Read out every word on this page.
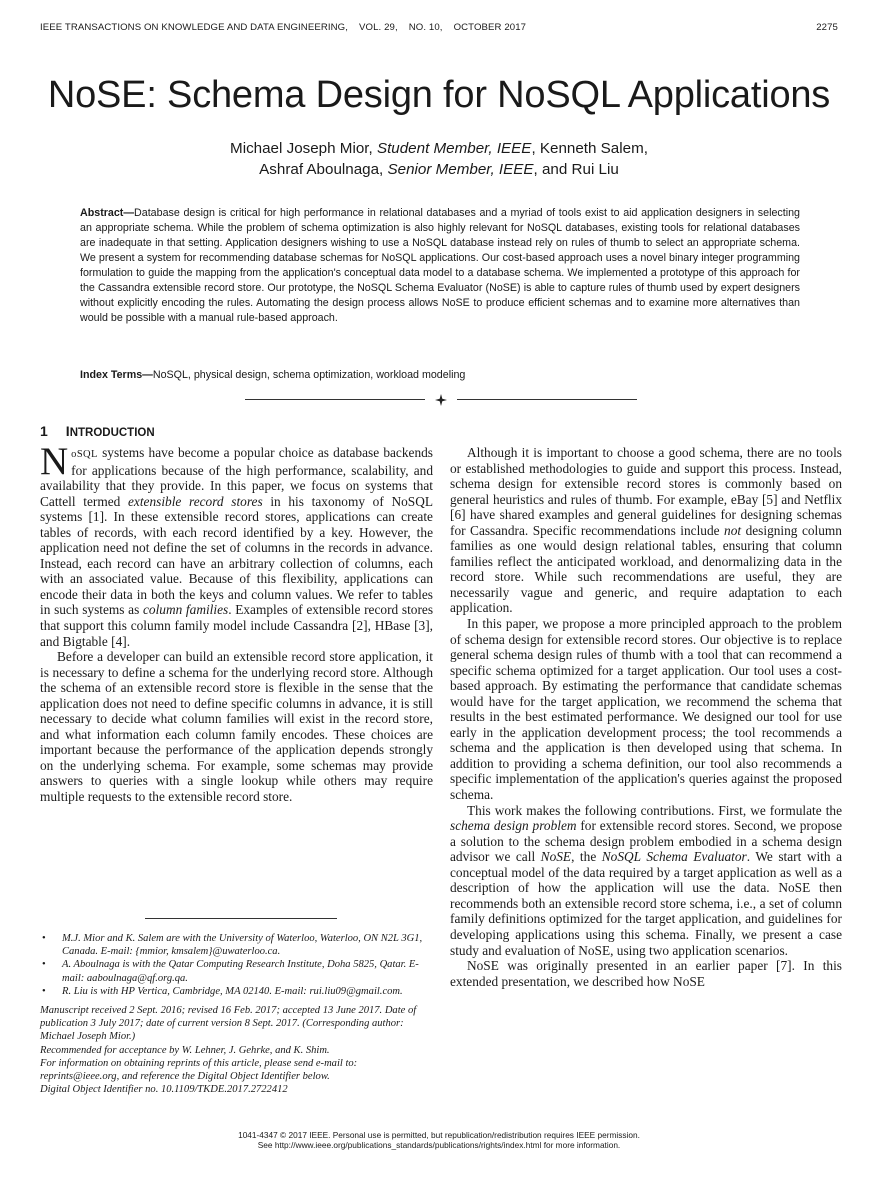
IEEE TRANSACTIONS ON KNOWLEDGE AND DATA ENGINEERING,    VOL. 29,    NO. 10,    OCTOBER 2017	2275
NoSE: Schema Design for NoSQL Applications
Michael Joseph Mior, Student Member, IEEE, Kenneth Salem,
Ashraf Aboulnaga, Senior Member, IEEE, and Rui Liu
Abstract—Database design is critical for high performance in relational databases and a myriad of tools exist to aid application designers in selecting an appropriate schema. While the problem of schema optimization is also highly relevant for NoSQL databases, existing tools for relational databases are inadequate in that setting. Application designers wishing to use a NoSQL database instead rely on rules of thumb to select an appropriate schema. We present a system for recommending database schemas for NoSQL applications. Our cost-based approach uses a novel binary integer programming formulation to guide the mapping from the application's conceptual data model to a database schema. We implemented a prototype of this approach for the Cassandra extensible record store. Our prototype, the NoSQL Schema Evaluator (NoSE) is able to capture rules of thumb used by expert designers without explicitly encoding the rules. Automating the design process allows NoSE to produce efficient schemas and to examine more alternatives than would be possible with a manual rule-based approach.
Index Terms—NoSQL, physical design, schema optimization, workload modeling
1 INTRODUCTION

NoSQL systems have become a popular choice as database backends for applications because of the high performance, scalability, and availability that they provide. In this paper, we focus on systems that Cattell termed extensible record stores in his taxonomy of NoSQL systems [1]. In these extensible record stores, applications can create tables of records, with each record identified by a key. However, the application need not define the set of columns in the records in advance. Instead, each record can have an arbitrary collection of columns, each with an associated value. Because of this flexibility, applications can encode their data in both the keys and column values. We refer to tables in such systems as column families. Examples of extensible record stores that support this column family model include Cassandra [2], HBase [3], and Bigtable [4].

Before a developer can build an extensible record store application, it is necessary to define a schema for the underlying record store. Although the schema of an extensible record store is flexible in the sense that the application does not need to define specific columns in advance, it is still necessary to decide what column families will exist in the record store, and what information each column family encodes. These choices are important because the performance of the application depends strongly on the underlying schema. For example, some schemas may provide answers to queries with a single lookup while others may require multiple requests to the extensible record store.

• M.J. Mior and K. Salem are with the University of Waterloo, Waterloo, ON N2L 3G1, Canada. E-mail: {mmior, kmsalem}@uwaterloo.ca.
• A. Aboulnaga is with the Qatar Computing Research Institute, Doha 5825, Qatar. E-mail: aaboulnaga@qf.org.qa.
• R. Liu is with HP Vertica, Cambridge, MA 02140. E-mail: rui.liu09@gmail.com.
Manuscript received 2 Sept. 2016; revised 16 Feb. 2017; accepted 13 June 2017. Date of publication 3 July 2017; date of current version 8 Sept. 2017. (Corresponding author: Michael Joseph Mior.)
Recommended for acceptance by W. Lehner, J. Gehrke, and K. Shim.
For information on obtaining reprints of this article, please send e-mail to: reprints@ieee.org, and reference the Digital Object Identifier below.
Digital Object Identifier no. 10.1109/TKDE.2017.2722412

Although it is important to choose a good schema, there are no tools or established methodologies to guide and support this process. Instead, schema design for extensible record stores is commonly based on general heuristics and rules of thumb. For example, eBay [5] and Netflix [6] have shared examples and general guidelines for designing schemas for Cassandra. Specific recommendations include not designing column families as one would design relational tables, ensuring that column families reflect the anticipated workload, and denormalizing data in the record store. While such recommendations are useful, they are necessarily vague and generic, and require adaptation to each application.

In this paper, we propose a more principled approach to the problem of schema design for extensible record stores. Our objective is to replace general schema design rules of thumb with a tool that can recommend a specific schema optimized for a target application. Our tool uses a cost-based approach. By estimating the performance that candidate schemas would have for the target application, we recommend the schema that results in the best estimated performance. We designed our tool for use early in the application development process; the tool recommends a schema and the application is then developed using that schema. In addition to providing a schema definition, our tool also recommends a specific implementation of the application's queries against the proposed schema.

This work makes the following contributions. First, we formulate the schema design problem for extensible record stores. Second, we propose a solution to the schema design problem embodied in a schema design advisor we call NoSE, the NoSQL Schema Evaluator. We start with a conceptual model of the data required by a target application as well as a description of how the application will use the data. NoSE then recommends both an extensible record store schema, i.e., a set of column family definitions optimized for the target application, and guidelines for developing applications using this schema. Finally, we present a case study and evaluation of NoSE, using two application scenarios.

NoSE was originally presented in an earlier paper [7]. In this extended presentation, we described how NoSE

1041-4347 © 2017 IEEE. Personal use is permitted, but republication/redistribution requires IEEE permission.
See http://www.ieee.org/publications_standards/publications/rights/index.html for more information.
